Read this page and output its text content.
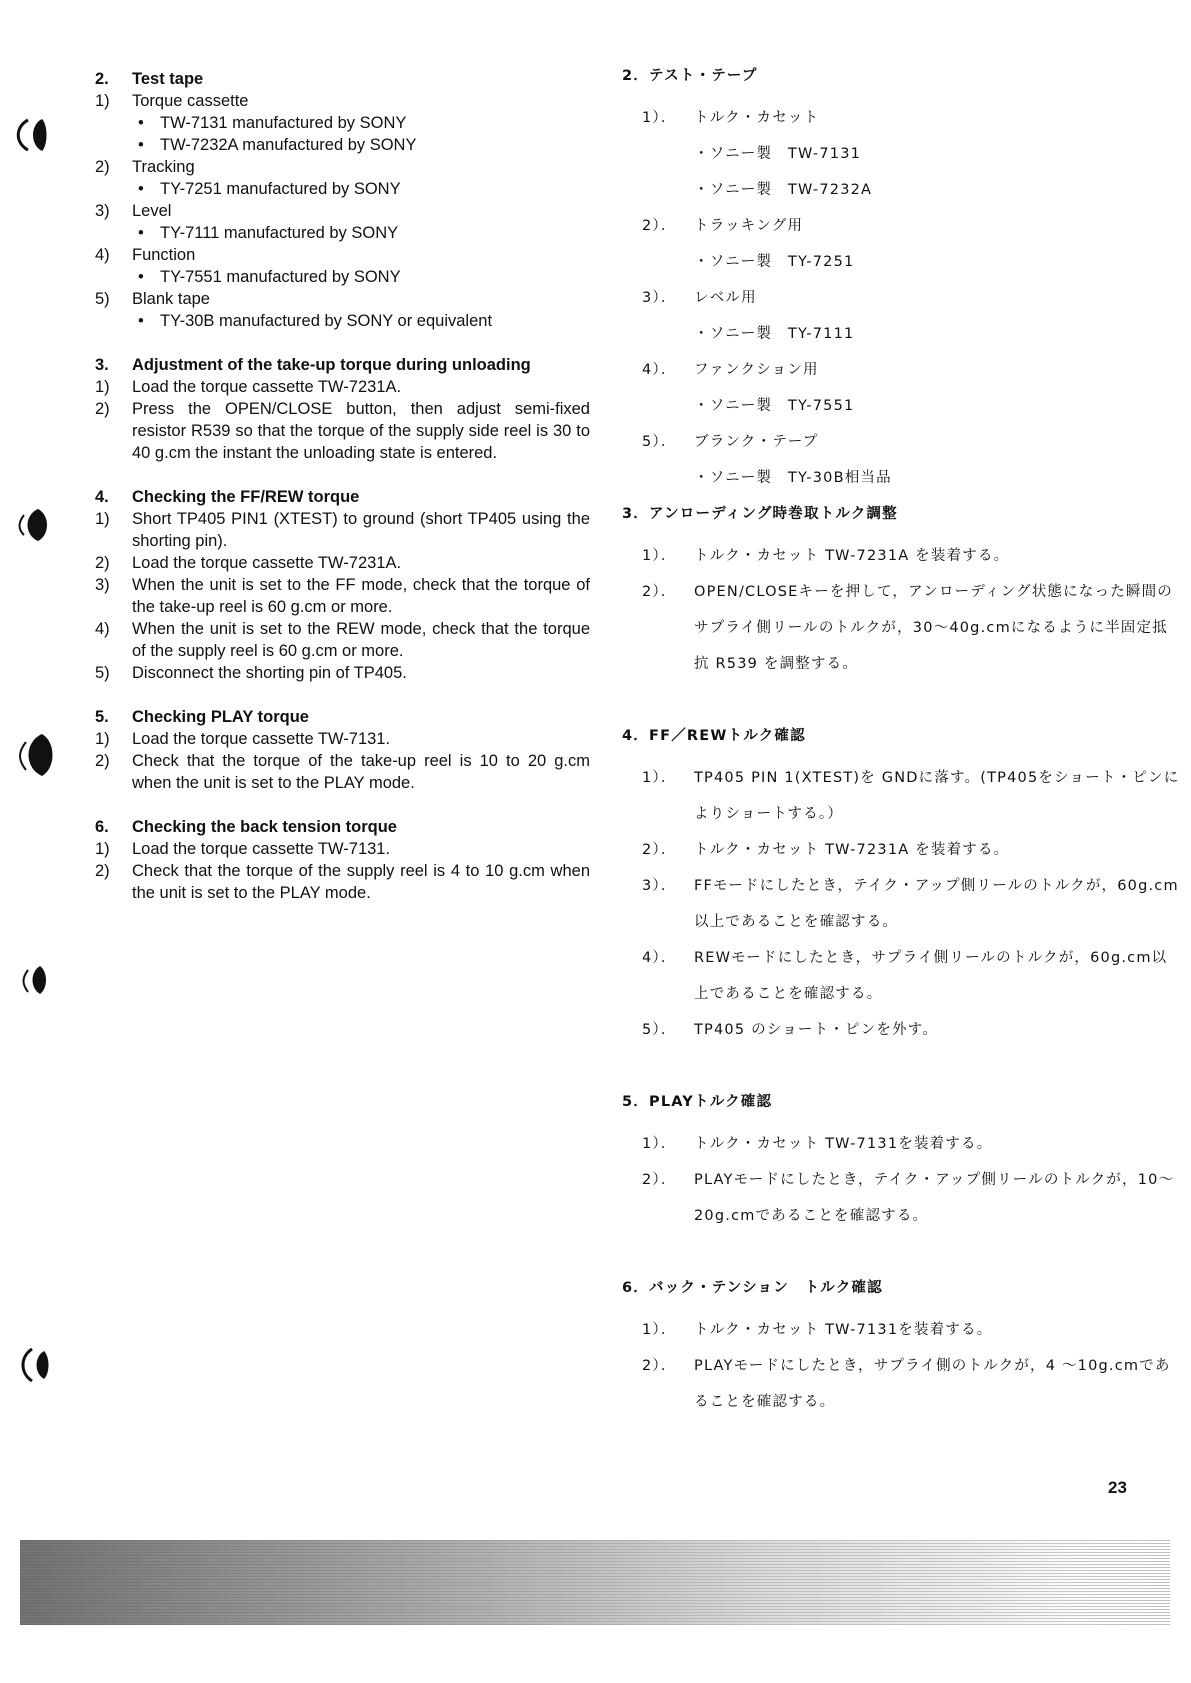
2.	Test tape
1)	Torque cassette
• TW-7131 manufactured by SONY
• TW-7232A manufactured by SONY
2)	Tracking
• TY-7251 manufactured by SONY
3)	Level
• TY-7111 manufactured by SONY
4)	Function
• TY-7551 manufactured by SONY
5)	Blank tape
• TY-30B manufactured by SONY or equivalent
3.	Adjustment of the take-up torque during unloading
1)	Load the torque cassette TW-7231A.
2)	Press the OPEN/CLOSE button, then adjust semi-fixed resistor R539 so that the torque of the supply side reel is 30 to 40 g.cm the instant the unloading state is entered.
4.	Checking the FF/REW torque
1)	Short TP405 PIN1 (XTEST) to ground (short TP405 using the shorting pin).
2)	Load the torque cassette TW-7231A.
3)	When the unit is set to the FF mode, check that the torque of the take-up reel is 60 g.cm or more.
4)	When the unit is set to the REW mode, check that the torque of the supply reel is 60 g.cm or more.
5)	Disconnect the shorting pin of TP405.
5.	Checking PLAY torque
1)	Load the torque cassette TW-7131.
2)	Check that the torque of the take-up reel is 10 to 20 g.cm when the unit is set to the PLAY mode.
6.	Checking the back tension torque
1)	Load the torque cassette TW-7131.
2)	Check that the torque of the supply reel is 4 to 10 g.cm when the unit is set to the PLAY mode.
2．テスト・テープ
1）．	トルク・カセット
・ソニー製　TW-7131
・ソニー製　TW-7232A
2）．	トラッキング用
・ソニー製　TY-7251
3）．	レベル用
・ソニー製　TY-7111
4）．	ファンクション用
・ソニー製　TY-7551
5）．	ブランク・テープ
・ソニー製　TY-30B相当品
3．アンローディング時巻取トルク調整
1）．	トルク・カセット TW-7231A を装着する。
2）．	OPEN/CLOSEキーを押して，アンローディング状態になった瞬間のサプライ側リールのトルクが，30〜40g.cmになるように半固定抵抗 R539 を調整する。
4．FF／REWトルク確認
1）．	TP405 PIN 1(XTEST)を GNDに落す。(TP405をショート・ピンによりショートする。）
2）．	トルク・カセット TW-7231A を装着する。
3）．	FFモードにしたとき，テイク・アップ側リールのトルクが，60g.cm以上であることを確認する。
4）．	REWモードにしたとき，サプライ側リールのトルクが，60g.cm以上であることを確認する。
5）．	TP405 のショート・ピンを外す。
5．PLAYトルク確認
1）．	トルク・カセット TW-7131を装着する。
2）．	PLAYモードにしたとき，テイク・アップ側リールのトルクが，10〜20g.cmであることを確認する。
6．バック・テンション　トルク確認
1）．	トルク・カセット TW-7131を装着する。
2）．	PLAYモードにしたとき，サプライ側のトルクが，4 〜10g.cmであることを確認する。
23
